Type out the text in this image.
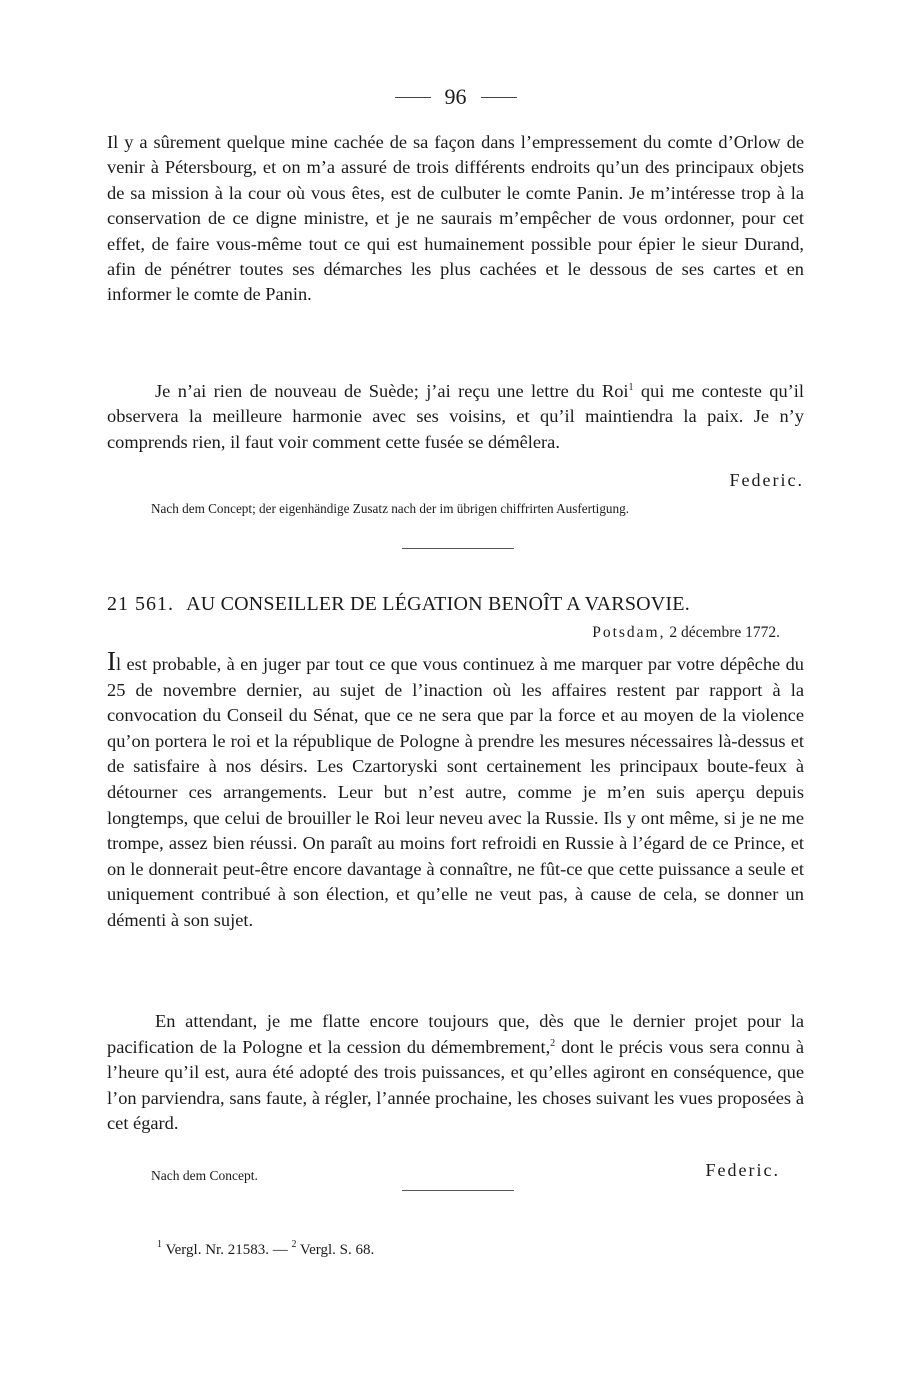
96

Il y a sûrement quelque mine cachée de sa façon dans l’empressement du comte d’Orlow de venir à Pétersbourg, et on m’a assuré de trois différents endroits qu’un des principaux objets de sa mission à la cour où vous êtes, est de culbuter le comte Panin. Je m’intéresse trop à la conservation de ce digne ministre, et je ne saurais m’empêcher de vous ordonner, pour cet effet, de faire vous-même tout ce qui est humainement possible pour épier le sieur Durand, afin de pénétrer toutes ses démarches les plus cachées et le dessous de ses cartes et en informer le comte de Panin.

Je n’ai rien de nouveau de Suède; j’ai reçu une lettre du Roi$^1$ qui me conteste qu’il observera la meilleure harmonie avec ses voisins, et qu’il maintiendra la paix. Je n’y comprends rien, il faut voir comment cette fusée se démêlera.

Federic.
Nach dem Concept; der eigenhändige Zusatz nach der im übrigen chiffrirten Ausfertigung.
21 561. AU CONSEILLER DE LÉGATION BENOÎT A VARSOVIE.
Potsdam, 2 décembre 1772.

Il est probable, à en juger par tout ce que vous continuez à me marquer par votre dépêche du 25 de novembre dernier, au sujet de l’inaction où les affaires restent par rapport à la convocation du Conseil du Sénat, que ce ne sera que par la force et au moyen de la violence qu’on portera le roi et la république de Pologne à prendre les mesures nécessaires là-dessus et de satisfaire à nos désirs. Les Czartoryski sont certainement les principaux boute-feux à détourner ces arrangements. Leur but n’est autre, comme je m’en suis aperçu depuis longtemps, que celui de brouiller le Roi leur neveu avec la Russie. Ils y ont même, si je ne me trompe, assez bien réussi. On paraît au moins fort refroidi en Russie à l’égard de ce Prince, et on le donnerait peut-être encore davantage à connaître, ne fût-ce que cette puissance a seule et uniquement contribué à son élection, et qu’elle ne veut pas, à cause de cela, se donner un démenti à son sujet.

En attendant, je me flatte encore toujours que, dès que le dernier projet pour la pacification de la Pologne et la cession du démembrement,$^2$ dont le précis vous sera connu à l’heure qu’il est, aura été adopté des trois puissances, et qu’elles agiront en conséquence, que l’on parviendra, sans faute, à régler, l’année prochaine, les choses suivant les vues proposées à cet égard.

Nach dem Concept.	Federic.
$^1$ Vergl. Nr. 21583. — $^2$ Vergl. S. 68.
